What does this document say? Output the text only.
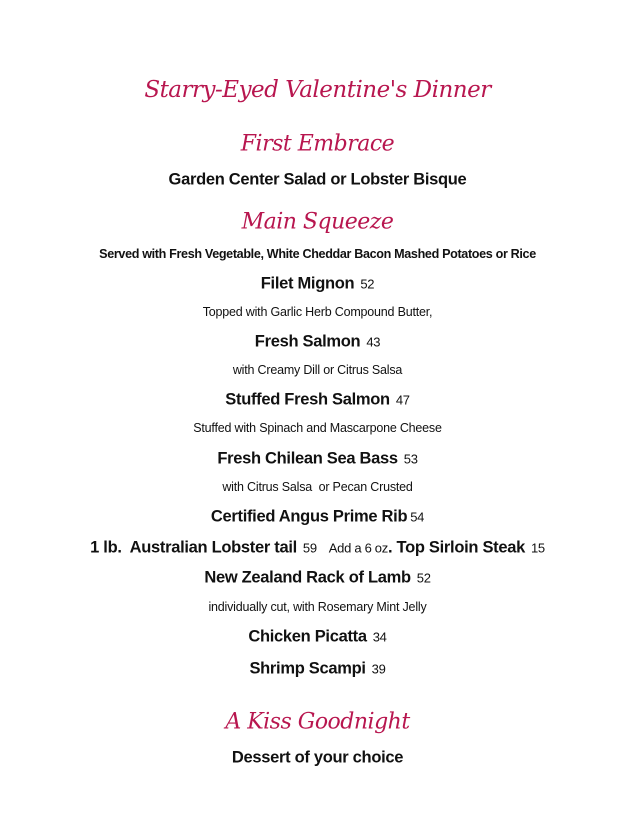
Starry-Eyed Valentine's Dinner
First Embrace
Garden Center Salad or Lobster Bisque
Main Squeeze
Served with Fresh Vegetable, White Cheddar Bacon Mashed Potatoes or Rice
Filet Mignon 52
Topped with Garlic Herb Compound Butter,
Fresh Salmon 43
with Creamy Dill or Citrus Salsa
Stuffed Fresh Salmon 47
Stuffed with Spinach and Mascarpone Cheese
Fresh Chilean Sea Bass 53
with Citrus Salsa  or Pecan Crusted
Certified Angus Prime Rib 54
1 lb.  Australian Lobster tail 59 Add a 6 oz. Top Sirloin Steak 15
New Zealand Rack of Lamb 52
individually cut, with Rosemary Mint Jelly
Chicken Picatta 34
Shrimp Scampi 39
A Kiss Goodnight
Dessert of your choice
